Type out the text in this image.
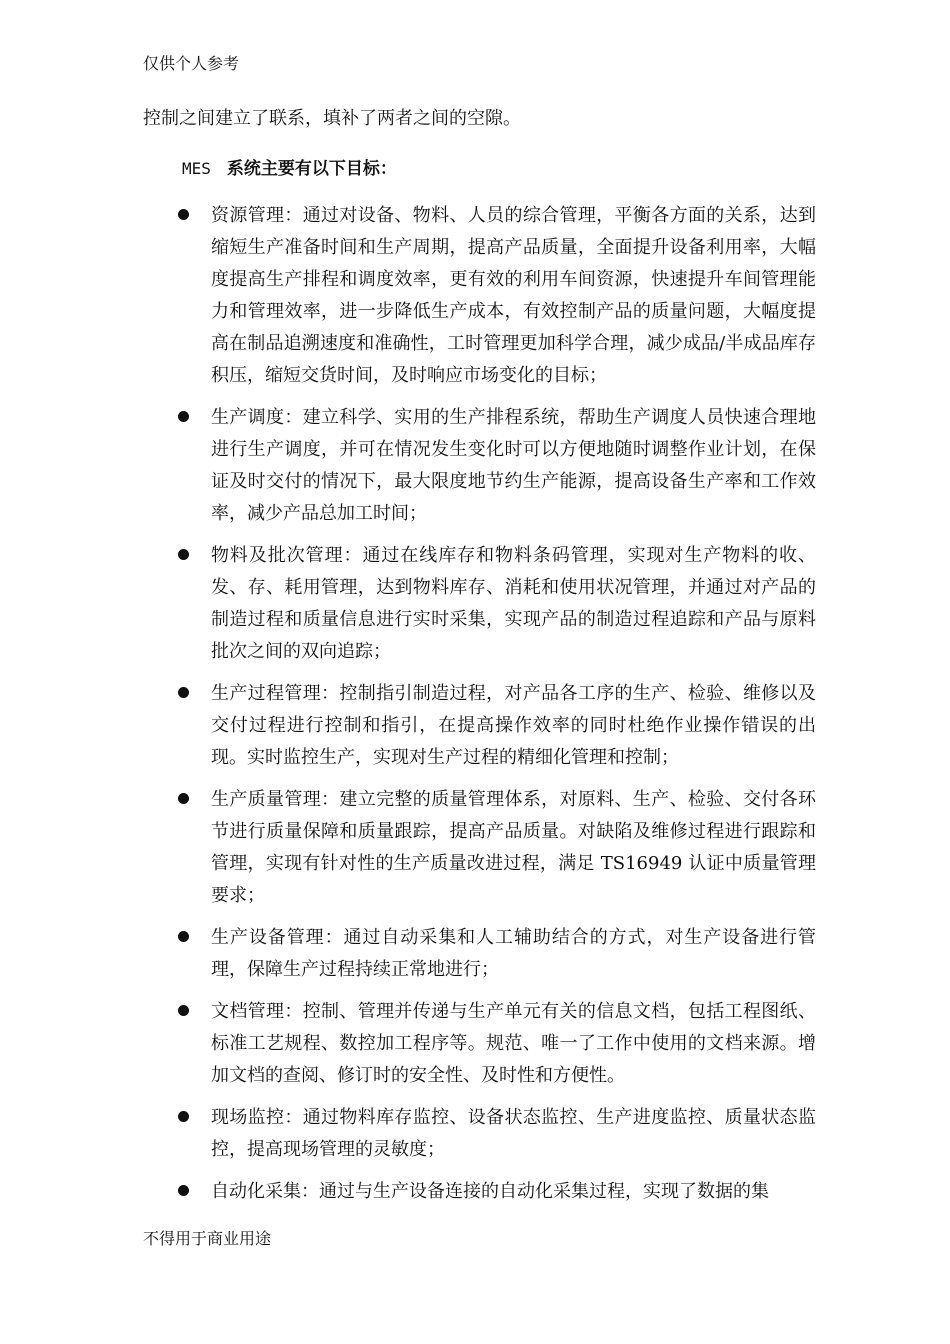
仅供个人参考
控制之间建立了联系，填补了两者之间的空隙。
MES 系统主要有以下目标：
资源管理：通过对设备、物料、人员的综合管理，平衡各方面的关系，达到缩短生产准备时间和生产周期，提高产品质量，全面提升设备利用率，大幅度提高生产排程和调度效率，更有效的利用车间资源，快速提升车间管理能力和管理效率，进一步降低生产成本，有效控制产品的质量问题，大幅度提高在制品追溯速度和准确性，工时管理更加科学合理，减少成品/半成品库存积压，缩短交货时间，及时响应市场变化的目标；
生产调度：建立科学、实用的生产排程系统，帮助生产调度人员快速合理地进行生产调度，并可在情况发生变化时可以方便地随时调整作业计划，在保证及时交付的情况下，最大限度地节约生产能源，提高设备生产率和工作效率，减少产品总加工时间；
物料及批次管理：通过在线库存和物料条码管理，实现对生产物料的收、发、存、耗用管理，达到物料库存、消耗和使用状况管理，并通过对产品的制造过程和质量信息进行实时采集，实现产品的制造过程追踪和产品与原料批次之间的双向追踪；
生产过程管理：控制指引制造过程，对产品各工序的生产、检验、维修以及交付过程进行控制和指引，在提高操作效率的同时杜绝作业操作错误的出现。实时监控生产，实现对生产过程的精细化管理和控制；
生产质量管理：建立完整的质量管理体系，对原料、生产、检验、交付各环节进行质量保障和质量跟踪，提高产品质量。对缺陷及维修过程进行跟踪和管理，实现有针对性的生产质量改进过程，满足 TS16949 认证中质量管理要求；
生产设备管理：通过自动采集和人工辅助结合的方式，对生产设备进行管理，保障生产过程持续正常地进行；
文档管理：控制、管理并传递与生产单元有关的信息文档，包括工程图纸、标准工艺规程、数控加工程序等。规范、唯一了工作中使用的文档来源。增加文档的查阅、修订时的安全性、及时性和方便性。
现场监控：通过物料库存监控、设备状态监控、生产进度监控、质量状态监控，提高现场管理的灵敏度；
自动化采集：通过与生产设备连接的自动化采集过程，实现了数据的集
不得用于商业用途
